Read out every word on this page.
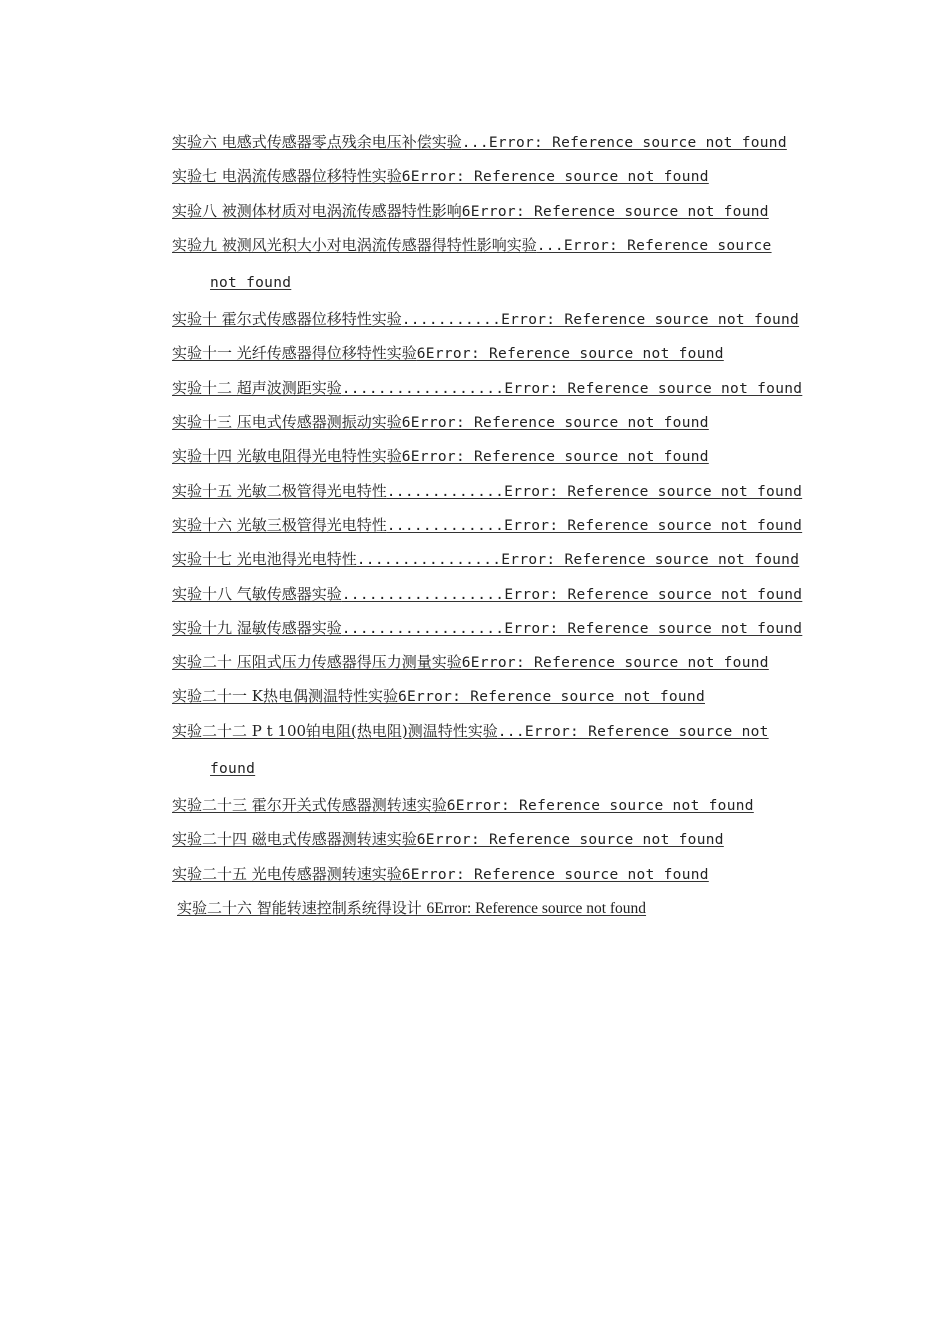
实验六 电感式传感器零点残余电压补偿实验...Error: Reference source not found
实验七 电涡流传感器位移特性实验6Error: Reference source not found
实验八 被测体材质对电涡流传感器特性影响6Error: Reference source not found
实验九 被测风光积大小对电涡流传感器得特性影响实验...Error: Reference source
not found
实验十 霍尔式传感器位移特性实验...........Error: Reference source not found
实验十一 光纤传感器得位移特性实验6Error: Reference source not found
实验十二 超声波测距实验..................Error: Reference source not found
实验十三 压电式传感器测振动实验6Error: Reference source not found
实验十四 光敏电阻得光电特性实验6Error: Reference source not found
实验十五 光敏二极管得光电特性.............Error: Reference source not found
实验十六 光敏三极管得光电特性.............Error: Reference source not found
实验十七 光电池得光电特性................Error: Reference source not found
实验十八 气敏传感器实验..................Error: Reference source not found
实验十九 湿敏传感器实验..................Error: Reference source not found
实验二十 压阻式压力传感器得压力测量实验6Error: Reference source not found
实验二十一 K热电偶测温特性实验6Error: Reference source not found
实验二十二 P t 100铂电阻(热电阻)测温特性实验...Error: Reference source not
found
实验二十三 霍尔开关式传感器测转速实验6Error: Reference source not found
实验二十四 磁电式传感器测转速实验6Error: Reference source not found
实验二十五 光电传感器测转速实验6Error: Reference source not found
实验二十六 智能转速控制系统得设计 6Error: Reference source not found
